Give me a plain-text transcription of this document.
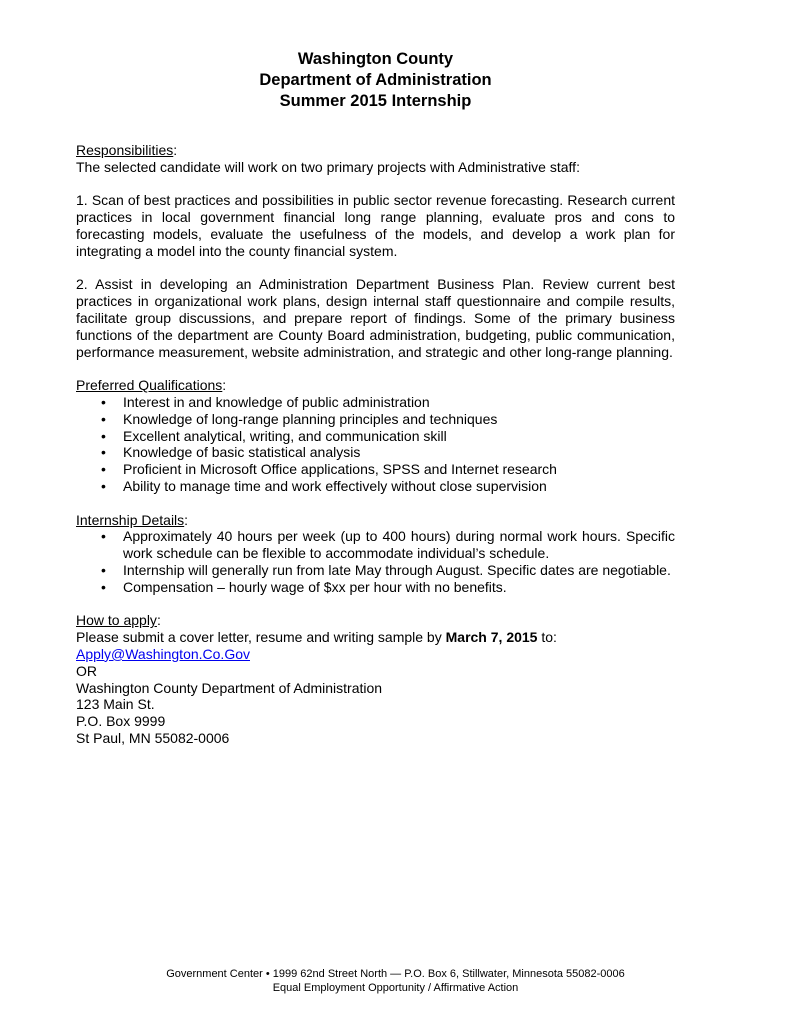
Washington County
Department of Administration
Summer 2015 Internship
Responsibilities:

The selected candidate will work on two primary projects with Administrative staff:

1. Scan of best practices and possibilities in public sector revenue forecasting. Research current practices in local government financial long range planning, evaluate pros and cons to forecasting models, evaluate the usefulness of the models, and develop a work plan for integrating a model into the county financial system.

2. Assist in developing an Administration Department Business Plan. Review current best practices in organizational work plans, design internal staff questionnaire and compile results, facilitate group discussions, and prepare report of findings. Some of the primary business functions of the department are County Board administration, budgeting, public communication, performance measurement, website administration, and strategic and other long-range planning.

Preferred Qualifications:
• Interest in and knowledge of public administration
• Knowledge of long-range planning principles and techniques
• Excellent analytical, writing, and communication skill
• Knowledge of basic statistical analysis
• Proficient in Microsoft Office applications, SPSS and Internet research
• Ability to manage time and work effectively without close supervision
Internship Details:
• Approximately 40 hours per week (up to 400 hours) during normal work hours. Specific work schedule can be flexible to accommodate individual’s schedule.
• Internship will generally run from late May through August. Specific dates are negotiable.
• Compensation – hourly wage of $xx per hour with no benefits.
How to apply:

Please submit a cover letter, resume and writing sample by March 7, 2015 to:

Apply@Washington.Co.Gov

OR

Washington County Department of Administration

123 Main St.

P.O. Box 9999

St Paul, MN 55082-0006

Government Center • 1999 62nd Street North — P.O. Box 6, Stillwater, Minnesota 55082-0006
Equal Employment Opportunity / Affirmative Action
